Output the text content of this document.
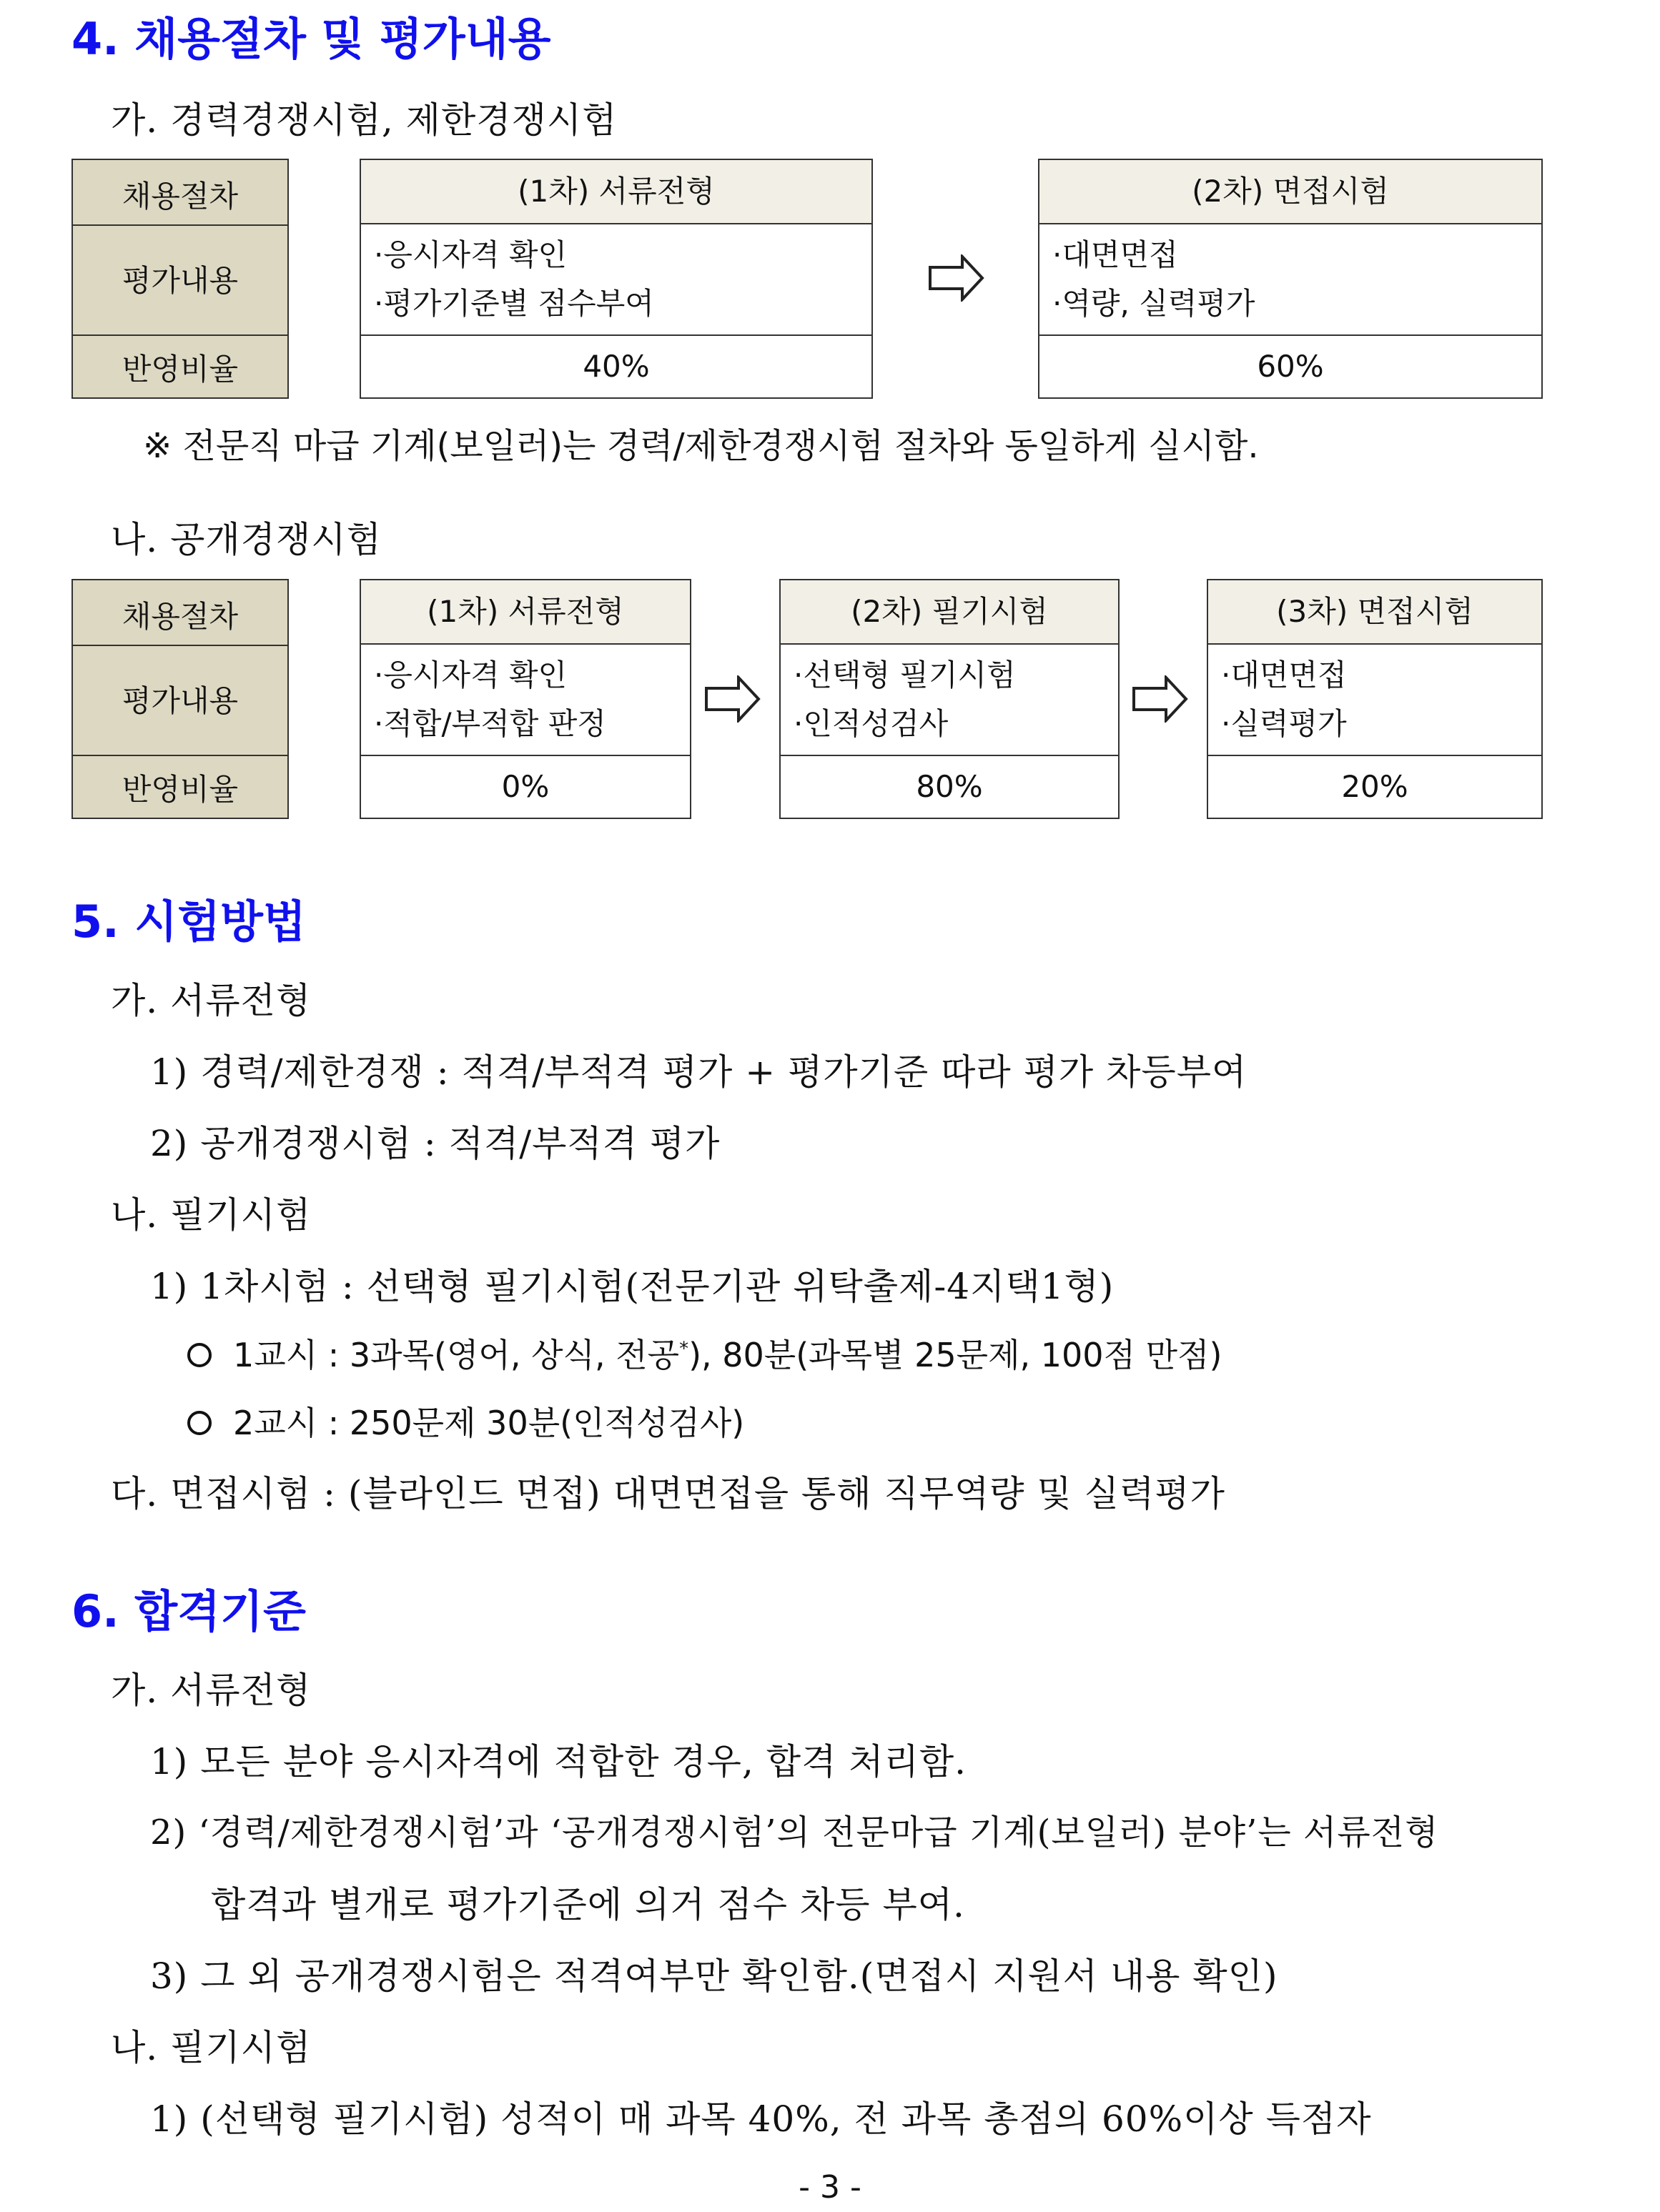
4. 채용절차 및 평가내용
가. 경력경쟁시험, 제한경쟁시험
채용절차
평가내용
반영비율
(1차) 서류전형
·응시자격 확인
·평가기준별 점수부여
40%
(2차) 면접시험
·대면면접
·역량, 실력평가
60%
※ 전문직 마급 기계(보일러)는 경력/제한경쟁시험 절차와 동일하게 실시함.
나. 공개경쟁시험
채용절차
평가내용
반영비율
(1차) 서류전형
·응시자격 확인
·적합/부적합 판정
0%
(2차) 필기시험
·선택형 필기시험
·인적성검사
80%
(3차) 면접시험
·대면면접
·실력평가
20%
5. 시험방법
가. 서류전형
1) 경력/제한경쟁 : 적격/부적격 평가 + 평가기준 따라 평가 차등부여
2) 공개경쟁시험 : 적격/부적격 평가
나. 필기시험
1) 1차시험 : 선택형 필기시험(전문기관 위탁출제-4지택1형)
1교시 : 3과목(영어, 상식, 전공*), 80분(과목별 25문제, 100점 만점)
2교시 : 250문제 30분(인적성검사)
다. 면접시험 : (블라인드 면접) 대면면접을 통해 직무역량 및 실력평가
6. 합격기준
가. 서류전형
1) 모든 분야 응시자격에 적합한 경우, 합격 처리함.
2) ‘경력/제한경쟁시험’과 ‘공개경쟁시험’의 전문마급 기계(보일러) 분야’는 서류전형
합격과 별개로 평가기준에 의거 점수 차등 부여.
3) 그 외 공개경쟁시험은 적격여부만 확인함.(면접시 지원서 내용 확인)
나. 필기시험
1) (선택형 필기시험) 성적이 매 과목 40%, 전 과목 총점의 60%이상 득점자
- 3 -
